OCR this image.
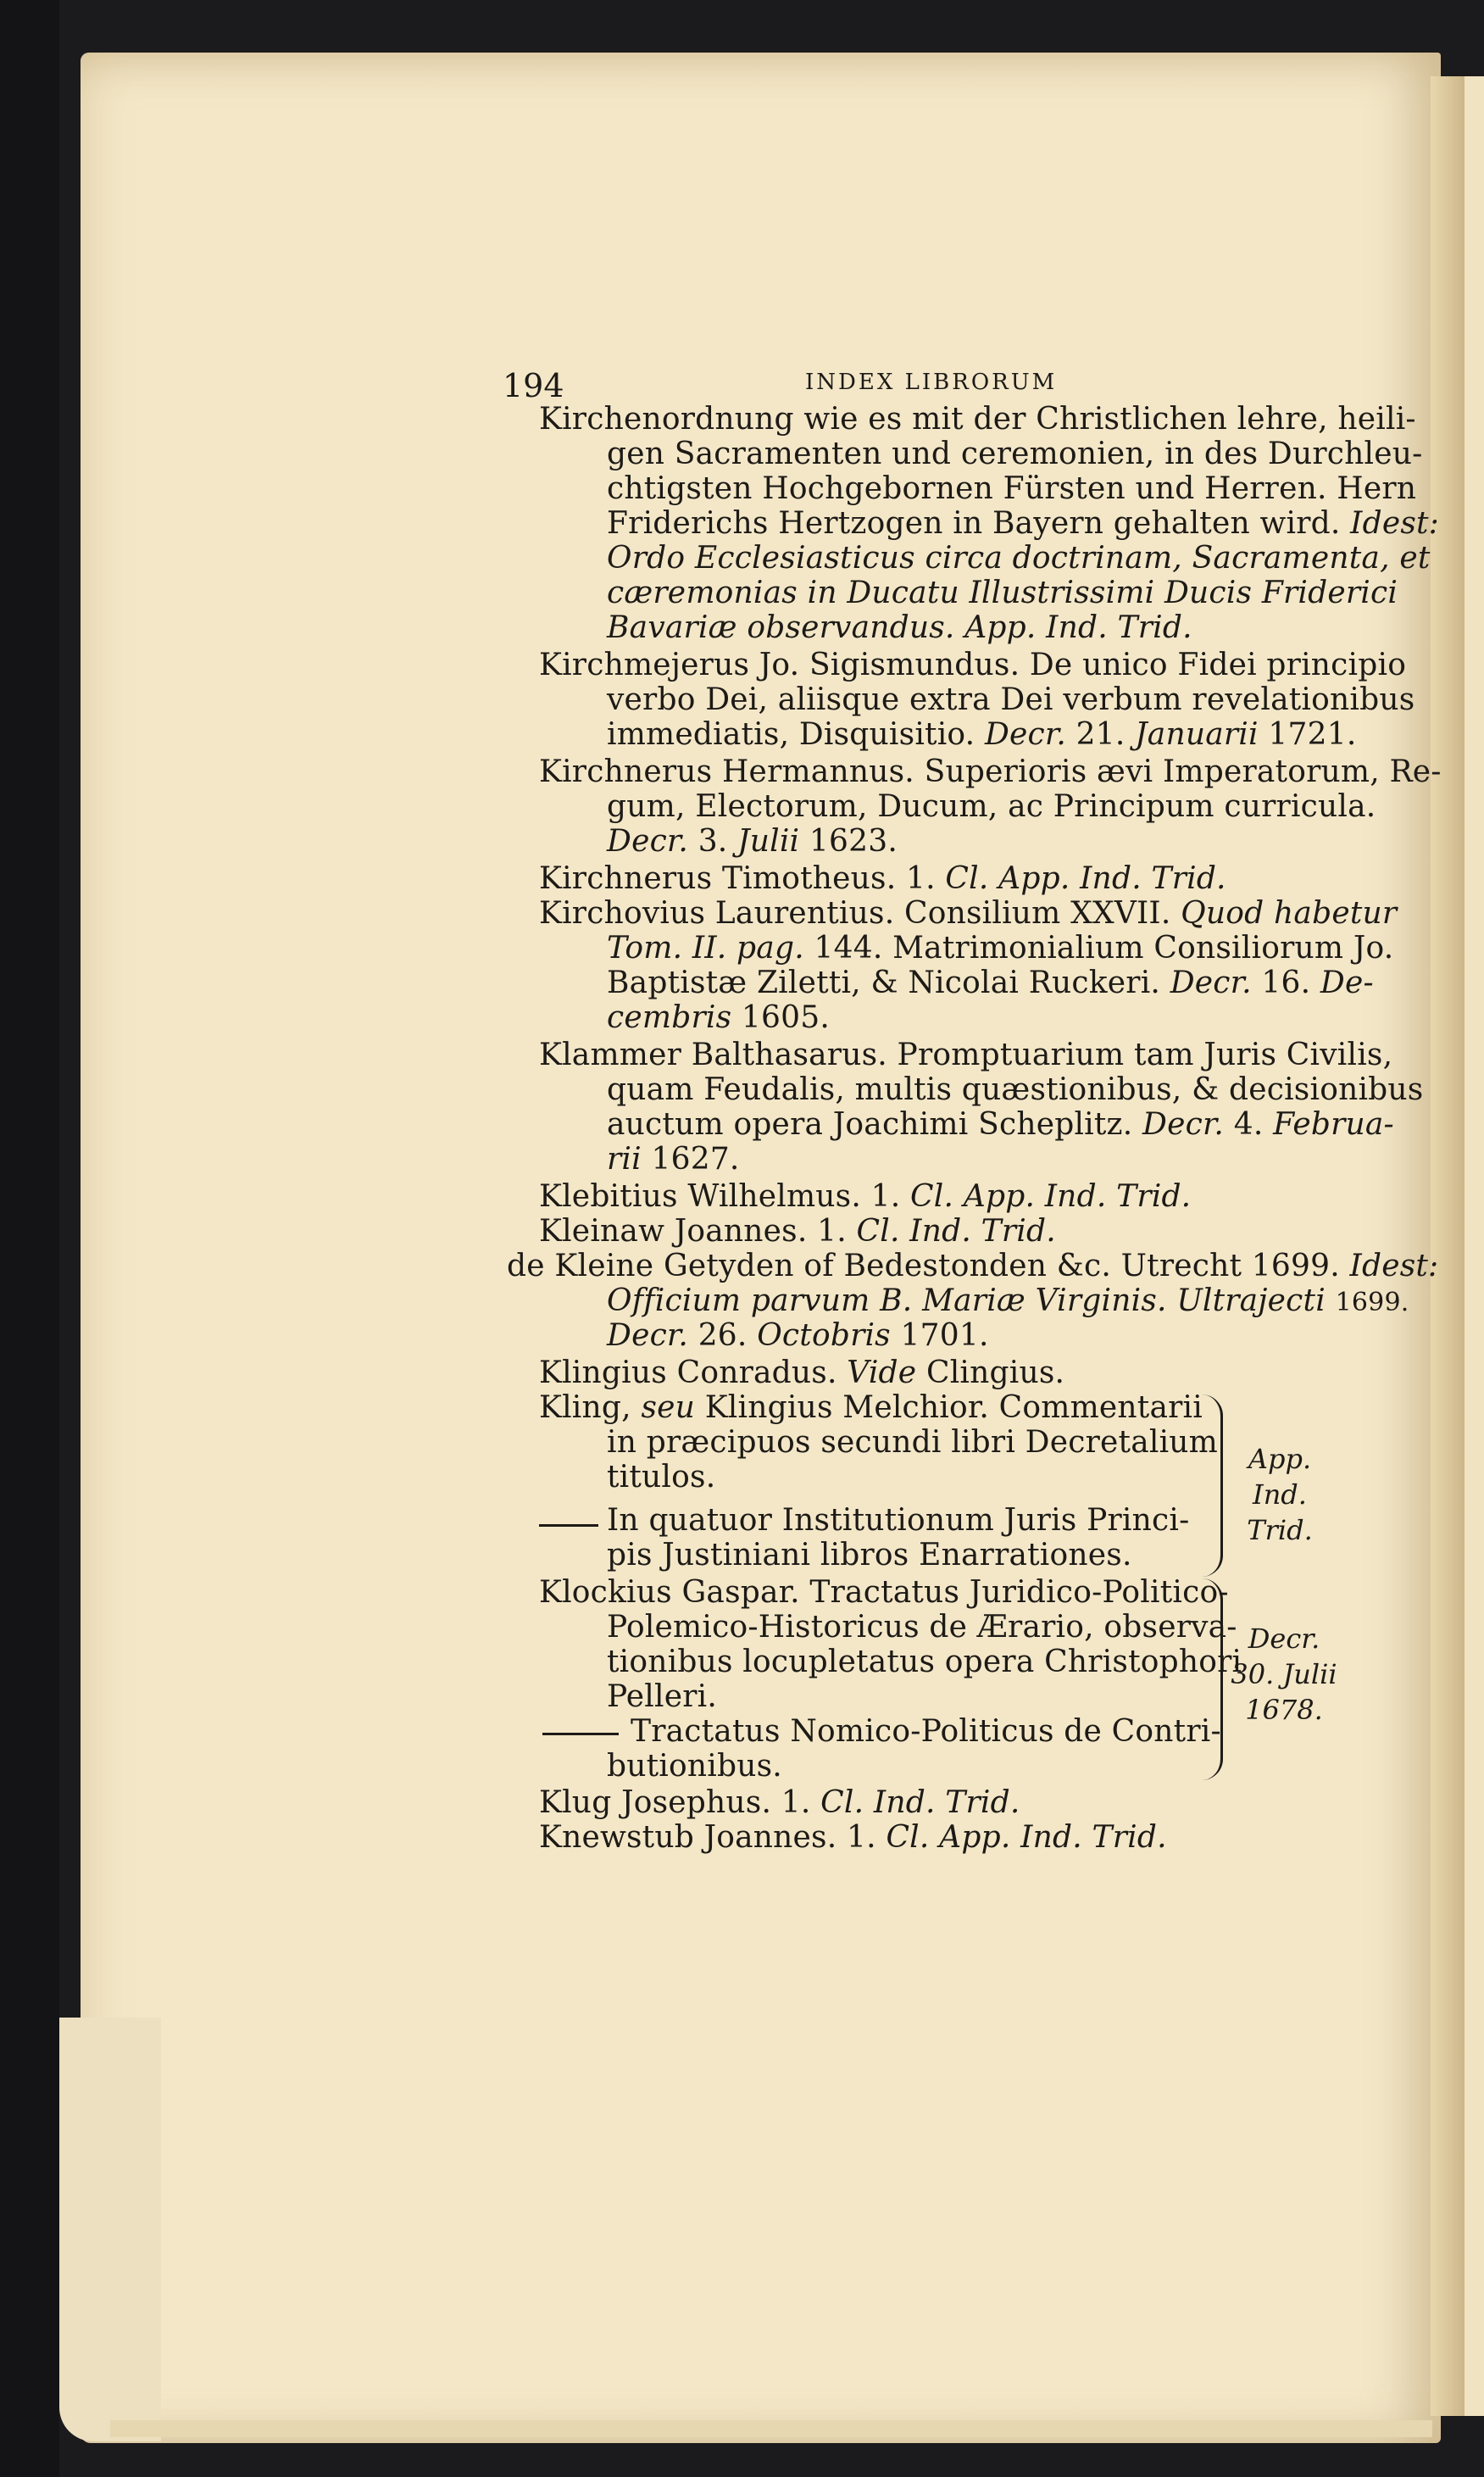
194	INDEX LIBRORUM
Kirchenordnung wie es mit der Christlichen lehre, heili-
gen Sacramenten und ceremonien, in des Durchleu-
chtigsten Hochgebornen Fürsten und Herren. Hern
Friderichs Hertzogen in Bayern gehalten wird. Idest:
Ordo Ecclesiasticus circa doctrinam, Sacramenta, et
cæremonias in Ducatu Illustrissimi Ducis Friderici
Bavariæ observandus. App. Ind. Trid.
Kirchmejerus Jo. Sigismundus. De unico Fidei principio
verbo Dei, aliisque extra Dei verbum revelationibus
immediatis, Disquisitio. Decr. 21. Januarii 1721.
Kirchnerus Hermannus. Superioris ævi Imperatorum, Re-
gum, Electorum, Ducum, ac Principum curricula.
Decr. 3. Julii 1623.
Kirchnerus Timotheus. 1. Cl. App. Ind. Trid.
Kirchovius Laurentius. Consilium XXVII. Quod habetur
Tom. II. pag. 144. Matrimonialium Consiliorum Jo.
Baptistæ Ziletti, & Nicolai Ruckeri. Decr. 16. De-
cembris 1605.
Klammer Balthasarus. Promptuarium tam Juris Civilis,
quam Feudalis, multis quæstionibus, & decisionibus
auctum opera Joachimi Scheplitz. Decr. 4. Februa-
rii 1627.
Klebitius Wilhelmus. 1. Cl. App. Ind. Trid.
Kleinaw Joannes. 1. Cl. Ind. Trid.
de Kleine Getyden of Bedestonden &c. Utrecht 1699. Idest:
Officium parvum B. Mariæ Virginis. Ultrajecti 1699.
Decr. 26. Octobris 1701.
Klingius Conradus. Vide Clingius.
Kling, seu Klingius Melchior. Commentarii
in præcipuos secundi libri Decretalium
titulos.
In quatuor Institutionum Juris Princi-
pis Justiniani libros Enarrationes.
App. Ind.
Trid.
Klockius Gaspar. Tractatus Juridico-Politico-
Polemico-Historicus de Ærario, observa-
tionibus locupletatus opera Christophori
Pelleri.
Tractatus Nomico-Politicus de Contri-
butionibus.
Decr.
30. Julii
1678.
Klug Josephus. 1. Cl. Ind. Trid.
Knewstub Joannes. 1. Cl. App. Ind. Trid.
